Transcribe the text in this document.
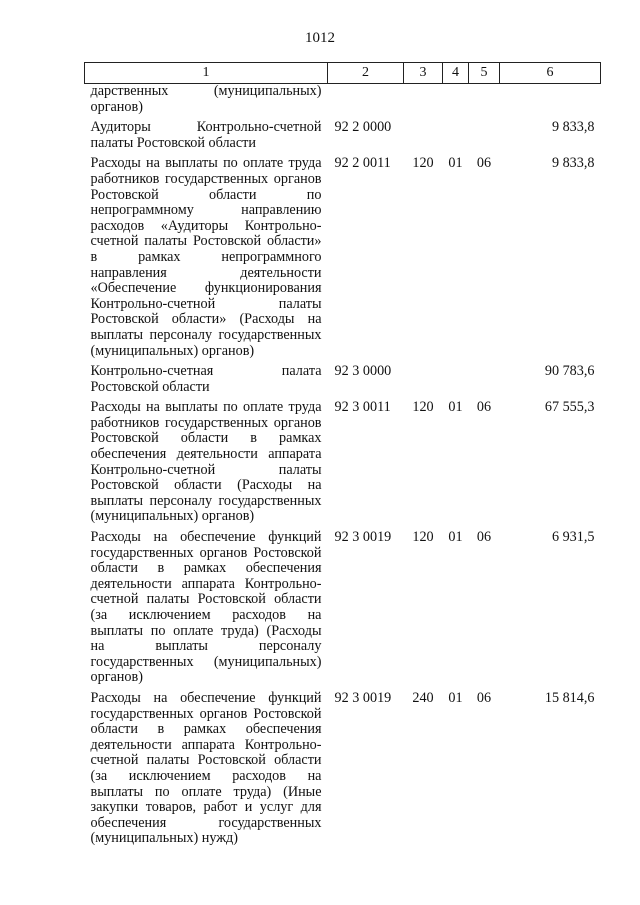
1012
1	2	3	4	5	6
дарственных (муниципальных) органов)					
Аудиторы Контрольно-счетной палаты Ростовской области	92 2 0000				9 833,8
Расходы на выплаты по оплате труда работников государственных органов Ростовской области по непрограммному направлению расходов «Аудиторы Контрольно-счетной палаты Ростовской области» в рамках непрограммного направления деятельности «Обеспечение функционирования Контрольно-счетной палаты Ростовской области» (Расходы на выплаты персоналу государственных (муниципальных) органов)	92 2 0011	120	01	06	9 833,8
Контрольно-счетная палата Ростовской области	92 3 0000				90 783,6
Расходы на выплаты по оплате труда работников государственных органов Ростовской области в рамках обеспечения деятельности аппарата Контрольно-счетной палаты Ростовской области (Расходы на выплаты персоналу государственных (муниципальных) органов)	92 3 0011	120	01	06	67 555,3
Расходы на обеспечение функций государственных органов Ростовской области в рамках обеспечения деятельности аппарата Контрольно-счетной палаты Ростовской области (за исключением расходов на выплаты по оплате труда) (Расходы на выплаты персоналу государственных (муниципальных) органов)	92 3 0019	120	01	06	6 931,5
Расходы на обеспечение функций государственных органов Ростовской области в рамках обеспечения деятельности аппарата Контрольно-счетной палаты Ростовской области (за исключением расходов на выплаты по оплате труда) (Иные закупки товаров, работ и услуг для обеспечения государственных (муниципальных) нужд)	92 3 0019	240	01	06	15 814,6
